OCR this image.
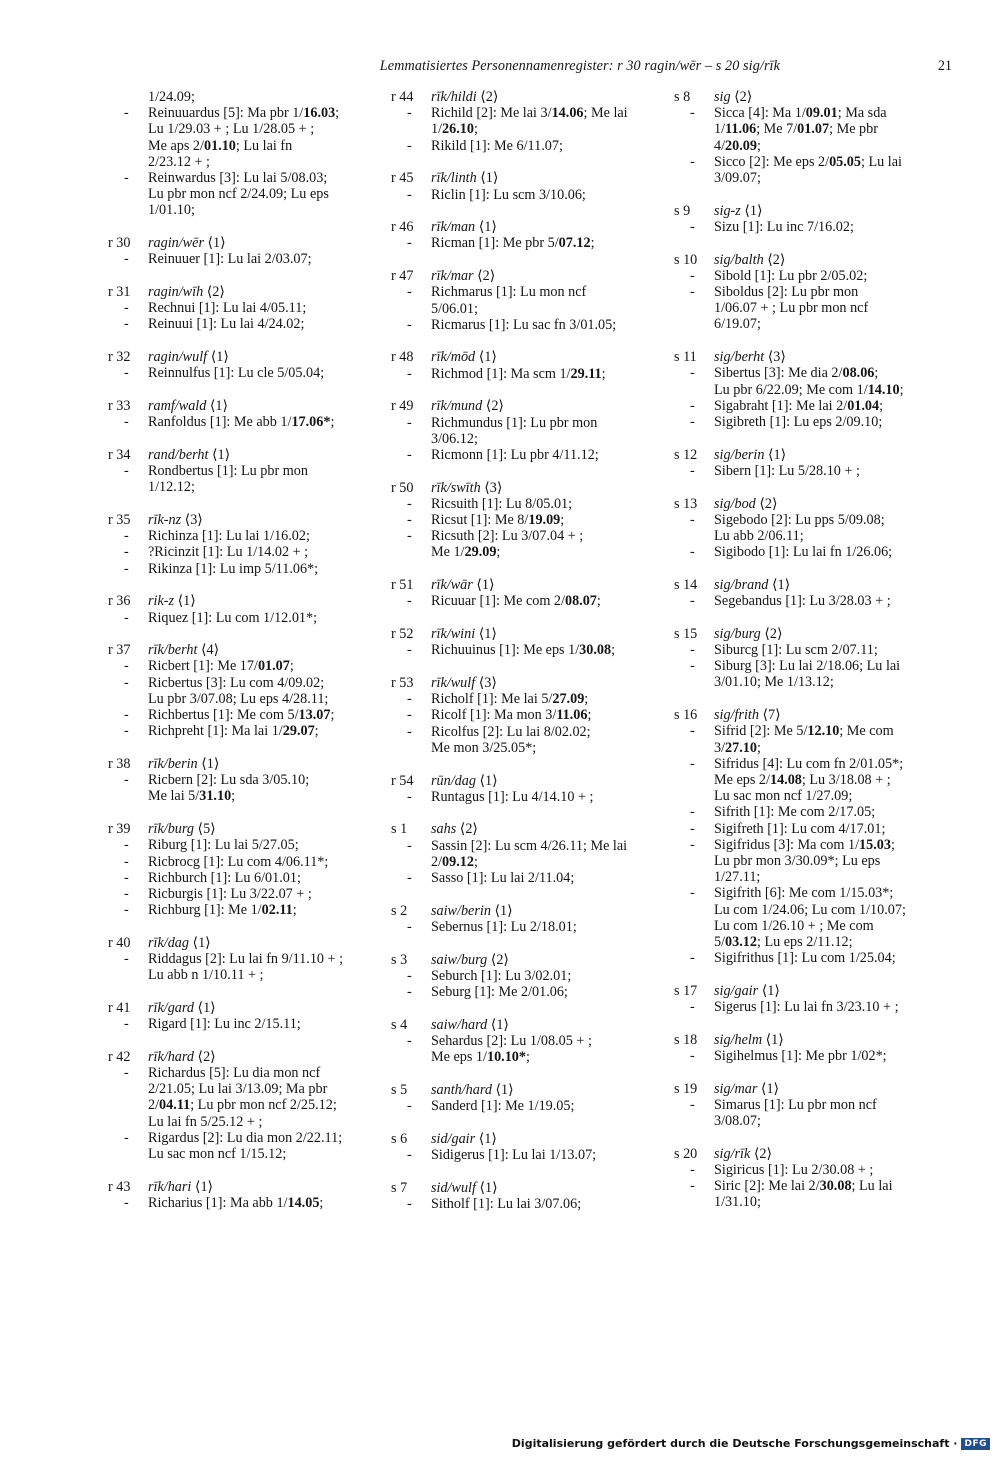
Lemmatisiertes Personennamenregister: r 30 ragin/wēr – s 20 sig/rīk	21
1/24.09;
- Reinuuardus [5]: Ma pbr 1/16.03;
Lu 1/29.03 + ; Lu 1/28.05 + ;
Me aps 2/01.10; Lu lai fn
2/23.12 + ;
- Reinwardus [3]: Lu lai 5/08.03;
Lu pbr mon ncf 2/24.09; Lu eps
1/01.10;
r 30 ragin/wēr ⟨1⟩
- Reinuuer [1]: Lu lai 2/03.07;
r 31 ragin/wīh ⟨2⟩
- Rechnui [1]: Lu lai 4/05.11;
- Reinuui [1]: Lu lai 4/24.02;
r 32 ragin/wulf ⟨1⟩
- Reinnulfus [1]: Lu cle 5/05.04;
r 33 ramf/wald ⟨1⟩
- Ranfoldus [1]: Me abb 1/17.06*;
r 34 rand/berht ⟨1⟩
- Rondbertus [1]: Lu pbr mon
1/12.12;
r 35 rīk-nz ⟨3⟩
- Richinza [1]: Lu lai 1/16.02;
- ?Ricinzit [1]: Lu 1/14.02 + ;
- Rikinza [1]: Lu imp 5/11.06*;
r 36 rik-z ⟨1⟩
- Riquez [1]: Lu com 1/12.01*;
r 37 rīk/berht ⟨4⟩
- Ricbert [1]: Me 17/01.07;
- Ricbertus [3]: Lu com 4/09.02;
Lu pbr 3/07.08; Lu eps 4/28.11;
- Richbertus [1]: Me com 5/13.07;
- Richpreht [1]: Ma lai 1/29.07;
r 38 rīk/berin ⟨1⟩
- Ricbern [2]: Lu sda 3/05.10;
Me lai 5/31.10;
r 39 rīk/burg ⟨5⟩
- Riburg [1]: Lu lai 5/27.05;
- Ricbrocg [1]: Lu com 4/06.11*;
- Richburch [1]: Lu 6/01.01;
- Ricburgis [1]: Lu 3/22.07 + ;
- Richburg [1]: Me 1/02.11;
r 40 rīk/dag ⟨1⟩
- Riddagus [2]: Lu lai fn 9/11.10 + ;
Lu abb n 1/10.11 + ;
r 41 rīk/gard ⟨1⟩
- Rigard [1]: Lu inc 2/15.11;
r 42 rīk/hard ⟨2⟩
- Richardus [5]: Lu dia mon ncf
2/21.05; Lu lai 3/13.09; Ma pbr
2/04.11; Lu pbr mon ncf 2/25.12;
Lu lai fn 5/25.12 + ;
- Rigardus [2]: Lu dia mon 2/22.11;
Lu sac mon ncf 1/15.12;
r 43 rīk/hari ⟨1⟩
- Richarius [1]: Ma abb 1/14.05;
r 44 rīk/hildi ⟨2⟩
- Richild [2]: Me lai 3/14.06; Me lai
1/26.10;
- Rikild [1]: Me 6/11.07;
r 45 rīk/linth ⟨1⟩
- Riclin [1]: Lu scm 3/10.06;
r 46 rīk/man ⟨1⟩
- Ricman [1]: Me pbr 5/07.12;
r 47 rīk/mar ⟨2⟩
- Richmarus [1]: Lu mon ncf
5/06.01;
- Ricmarus [1]: Lu sac fn 3/01.05;
r 48 rīk/mōd ⟨1⟩
- Richmod [1]: Ma scm 1/29.11;
r 49 rīk/mund ⟨2⟩
- Richmundus [1]: Lu pbr mon
3/06.12;
- Ricmonn [1]: Lu pbr 4/11.12;
r 50 rīk/swīth ⟨3⟩
- Ricsuith [1]: Lu 8/05.01;
- Ricsut [1]: Me 8/19.09;
- Ricsuth [2]: Lu 3/07.04 + ;
Me 1/29.09;
r 51 rīk/wār ⟨1⟩
- Ricuuar [1]: Me com 2/08.07;
r 52 rīk/wini ⟨1⟩
- Richuuinus [1]: Me eps 1/30.08;
r 53 rīk/wulf ⟨3⟩
- Richolf [1]: Me lai 5/27.09;
- Ricolf [1]: Ma mon 3/11.06;
- Ricolfus [2]: Lu lai 8/02.02;
Me mon 3/25.05*;
r 54 rūn/dag ⟨1⟩
- Runtagus [1]: Lu 4/14.10 + ;
s 1 sahs ⟨2⟩
- Sassin [2]: Lu scm 4/26.11; Me lai
2/09.12;
- Sasso [1]: Lu lai 2/11.04;
s 2 saiw/berin ⟨1⟩
- Sebernus [1]: Lu 2/18.01;
s 3 saiw/burg ⟨2⟩
- Seburch [1]: Lu 3/02.01;
- Seburg [1]: Me 2/01.06;
s 4 saiw/hard ⟨1⟩
- Sehardus [2]: Lu 1/08.05 + ;
Me eps 1/10.10*;
s 5 santh/hard ⟨1⟩
- Sanderd [1]: Me 1/19.05;
s 6 sid/gair ⟨1⟩
- Sidigerus [1]: Lu lai 1/13.07;
s 7 sid/wulf ⟨1⟩
- Sitholf [1]: Lu lai 3/07.06;
s 8 sig ⟨2⟩
- Sicca [4]: Ma 1/09.01; Ma sda
1/11.06; Me 7/01.07; Me pbr
4/20.09;
- Sicco [2]: Me eps 2/05.05; Lu lai
3/09.07;
s 9 sig-z ⟨1⟩
- Sizu [1]: Lu inc 7/16.02;
s 10 sig/balth ⟨2⟩
- Sibold [1]: Lu pbr 2/05.02;
- Siboldus [2]: Lu pbr mon
1/06.07 + ; Lu pbr mon ncf
6/19.07;
s 11 sig/berht ⟨3⟩
- Sibertus [3]: Me dia 2/08.06;
Lu pbr 6/22.09; Me com 1/14.10;
- Sigabraht [1]: Me lai 2/01.04;
- Sigibreth [1]: Lu eps 2/09.10;
s 12 sig/berin ⟨1⟩
- Sibern [1]: Lu 5/28.10 + ;
s 13 sig/bod ⟨2⟩
- Sigebodo [2]: Lu pps 5/09.08;
Lu abb 2/06.11;
- Sigibodo [1]: Lu lai fn 1/26.06;
s 14 sig/brand ⟨1⟩
- Segebandus [1]: Lu 3/28.03 + ;
s 15 sig/burg ⟨2⟩
- Siburcg [1]: Lu scm 2/07.11;
- Siburg [3]: Lu lai 2/18.06; Lu lai
3/01.10; Me 1/13.12;
s 16 sig/frith ⟨7⟩
- Sifrid [2]: Me 5/12.10; Me com
3/27.10;
- Sifridus [4]: Lu com fn 2/01.05*;
Me eps 2/14.08; Lu 3/18.08 + ;
Lu sac mon ncf 1/27.09;
- Sifrith [1]: Me com 2/17.05;
- Sigifreth [1]: Lu com 4/17.01;
- Sigifridus [3]: Ma com 1/15.03;
Lu pbr mon 3/30.09*; Lu eps
1/27.11;
- Sigifrith [6]: Me com 1/15.03*;
Lu com 1/24.06; Lu com 1/10.07;
Lu com 1/26.10 + ; Me com
5/03.12; Lu eps 2/11.12;
- Sigifrithus [1]: Lu com 1/25.04;
s 17 sig/gair ⟨1⟩
- Sigerus [1]: Lu lai fn 3/23.10 + ;
s 18 sig/helm ⟨1⟩
- Sigihelmus [1]: Me pbr 1/02*;
s 19 sig/mar ⟨1⟩
- Simarus [1]: Lu pbr mon ncf
3/08.07;
s 20 sig/rīk ⟨2⟩
- Sigiricus [1]: Lu 2/30.08 + ;
- Siric [2]: Me lai 2/30.08; Lu lai
1/31.10;
Digitalisierung gefördert durch die Deutsche Forschungsgemeinschaft · DFG
